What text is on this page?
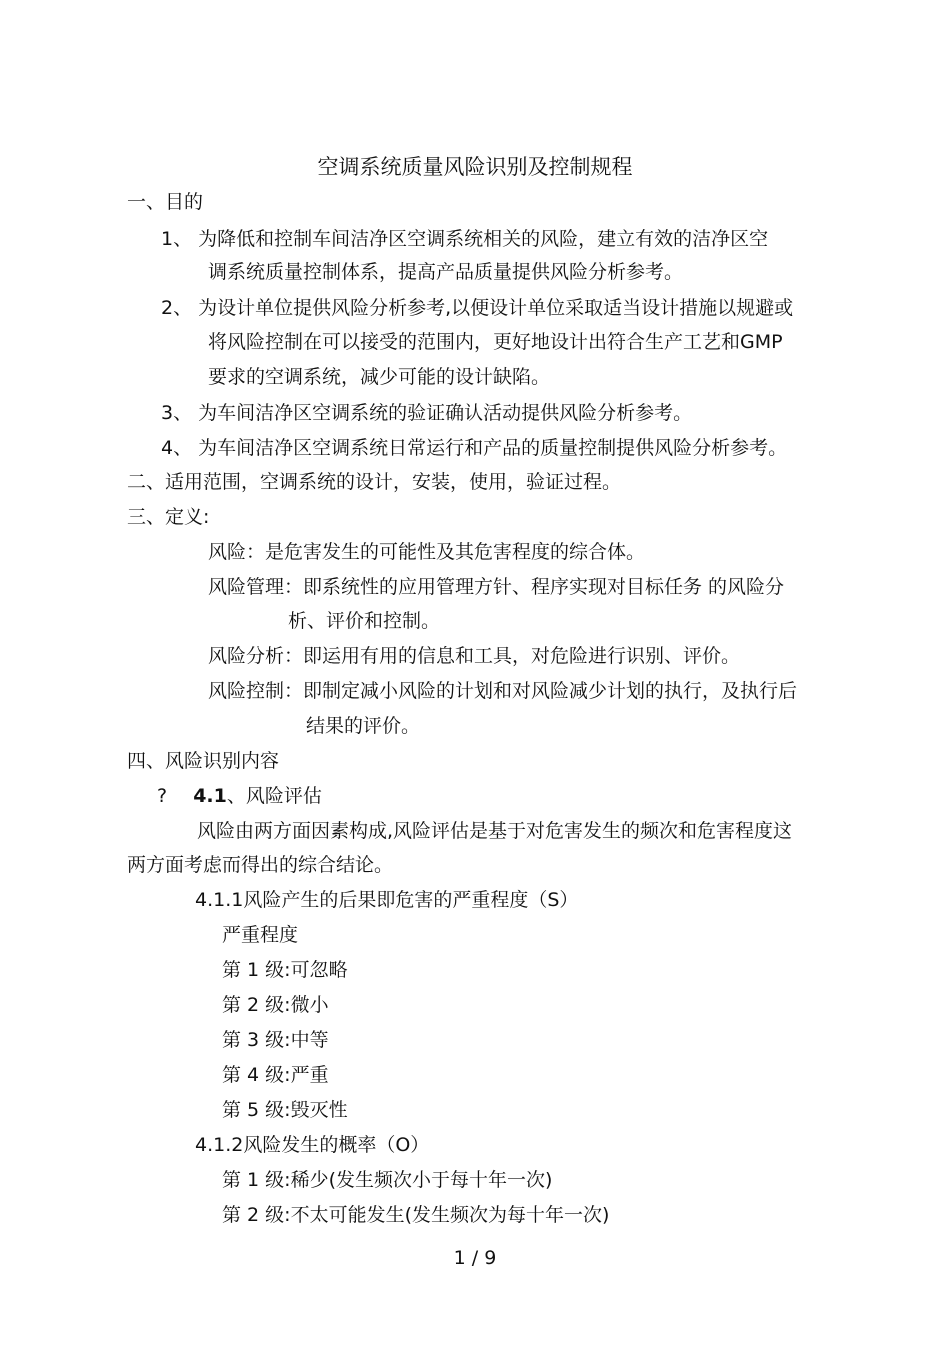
空调系统质量风险识别及控制规程
一、目的
1、 为降低和控制车间洁净区空调系统相关的风险，建立有效的洁净区空
调系统质量控制体系，提高产品质量提供风险分析参考。
2、 为设计单位提供风险分析参考,以便设计单位采取适当设计措施以规避或
将风险控制在可以接受的范围内，更好地设计出符合生产工艺和GMP
要求的空调系统，减少可能的设计缺陷。
3、 为车间洁净区空调系统的验证确认活动提供风险分析参考。
4、 为车间洁净区空调系统日常运行和产品的质量控制提供风险分析参考。
二、适用范围，空调系统的设计，安装，使用，验证过程。
三、定义:
风险：是危害发生的可能性及其危害程度的综合体。
风险管理：即系统性的应用管理方针、程序实现对目标任务 的风险分
析、评价和控制。
风险分析：即运用有用的信息和工具，对危险进行识别、评价。
风险控制：即制定减小风险的计划和对风险减少计划的执行，及执行后
结果的评价。
四、风险识别内容
? 4.1、风险评估
风险由两方面因素构成,风险评估是基于对危害发生的频次和危害程度这
两方面考虑而得出的综合结论。
4.1.1风险产生的后果即危害的严重程度（S）
严重程度
第 1 级:可忽略
第 2 级:微小
第 3 级:中等
第 4 级:严重
第 5 级:毁灭性
4.1.2风险发生的概率（O）
第 1 级:稀少(发生频次小于每十年一次)
第 2 级:不太可能发生(发生频次为每十年一次)
1 / 9
